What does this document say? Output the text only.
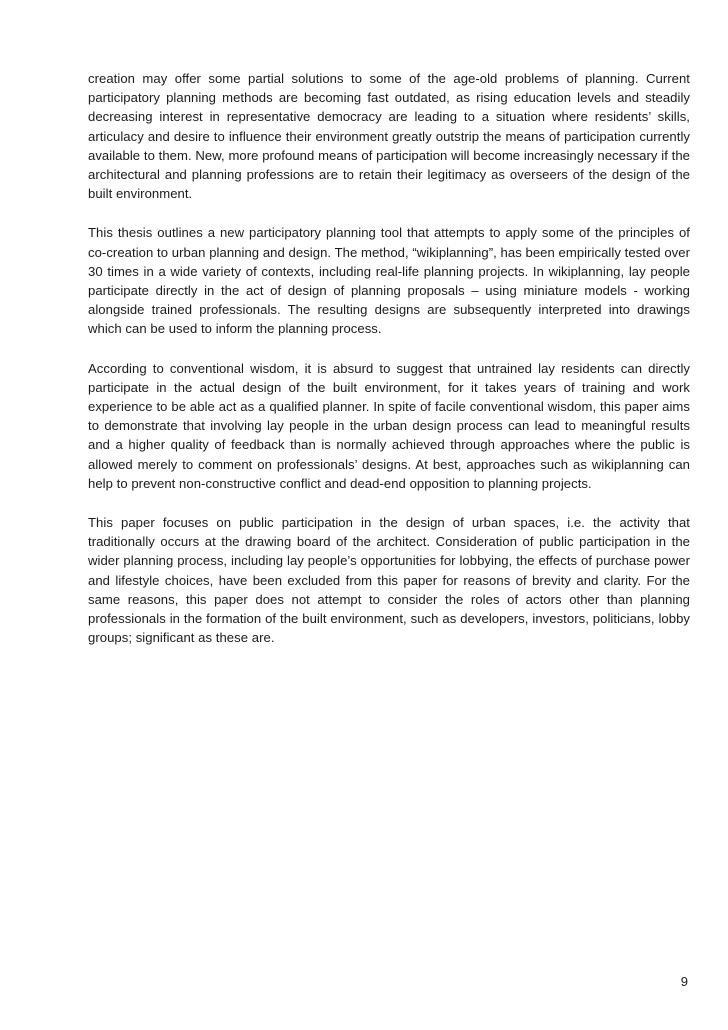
creation may offer some partial solutions to some of the age-old problems of planning. Current participatory planning methods are becoming fast outdated, as rising education levels and steadily decreasing interest in representative democracy are leading to a situation where residents’ skills, articulacy and desire to influence their environment greatly outstrip the means of participation currently available to them. New, more profound means of participation will become increasingly necessary if the architectural and planning professions are to retain their legitimacy as overseers of the design of the built environment.

This thesis outlines a new participatory planning tool that attempts to apply some of the principles of co-creation to urban planning and design. The method, “wikiplanning”, has been empirically tested over 30 times in a wide variety of contexts, including real-life planning projects. In wikiplanning, lay people participate directly in the act of design of planning proposals – using miniature models - working alongside trained professionals. The resulting designs are subsequently interpreted into drawings which can be used to inform the planning process.

According to conventional wisdom, it is absurd to suggest that untrained lay residents can directly participate in the actual design of the built environment, for it takes years of training and work experience to be able act as a qualified planner. In spite of facile conventional wisdom, this paper aims to demonstrate that involving lay people in the urban design process can lead to meaningful results and a higher quality of feedback than is normally achieved through approaches where the public is allowed merely to comment on professionals’ designs. At best, approaches such as wikiplanning can help to prevent non-constructive conflict and dead-end opposition to planning projects.

This paper focuses on public participation in the design of urban spaces, i.e. the activity that traditionally occurs at the drawing board of the architect. Consideration of public participation in the wider planning process, including lay people’s opportunities for lobbying, the effects of purchase power and lifestyle choices, have been excluded from this paper for reasons of brevity and clarity. For the same reasons, this paper does not attempt to consider the roles of actors other than planning professionals in the formation of the built environment, such as developers, investors, politicians, lobby groups; significant as these are.

9
